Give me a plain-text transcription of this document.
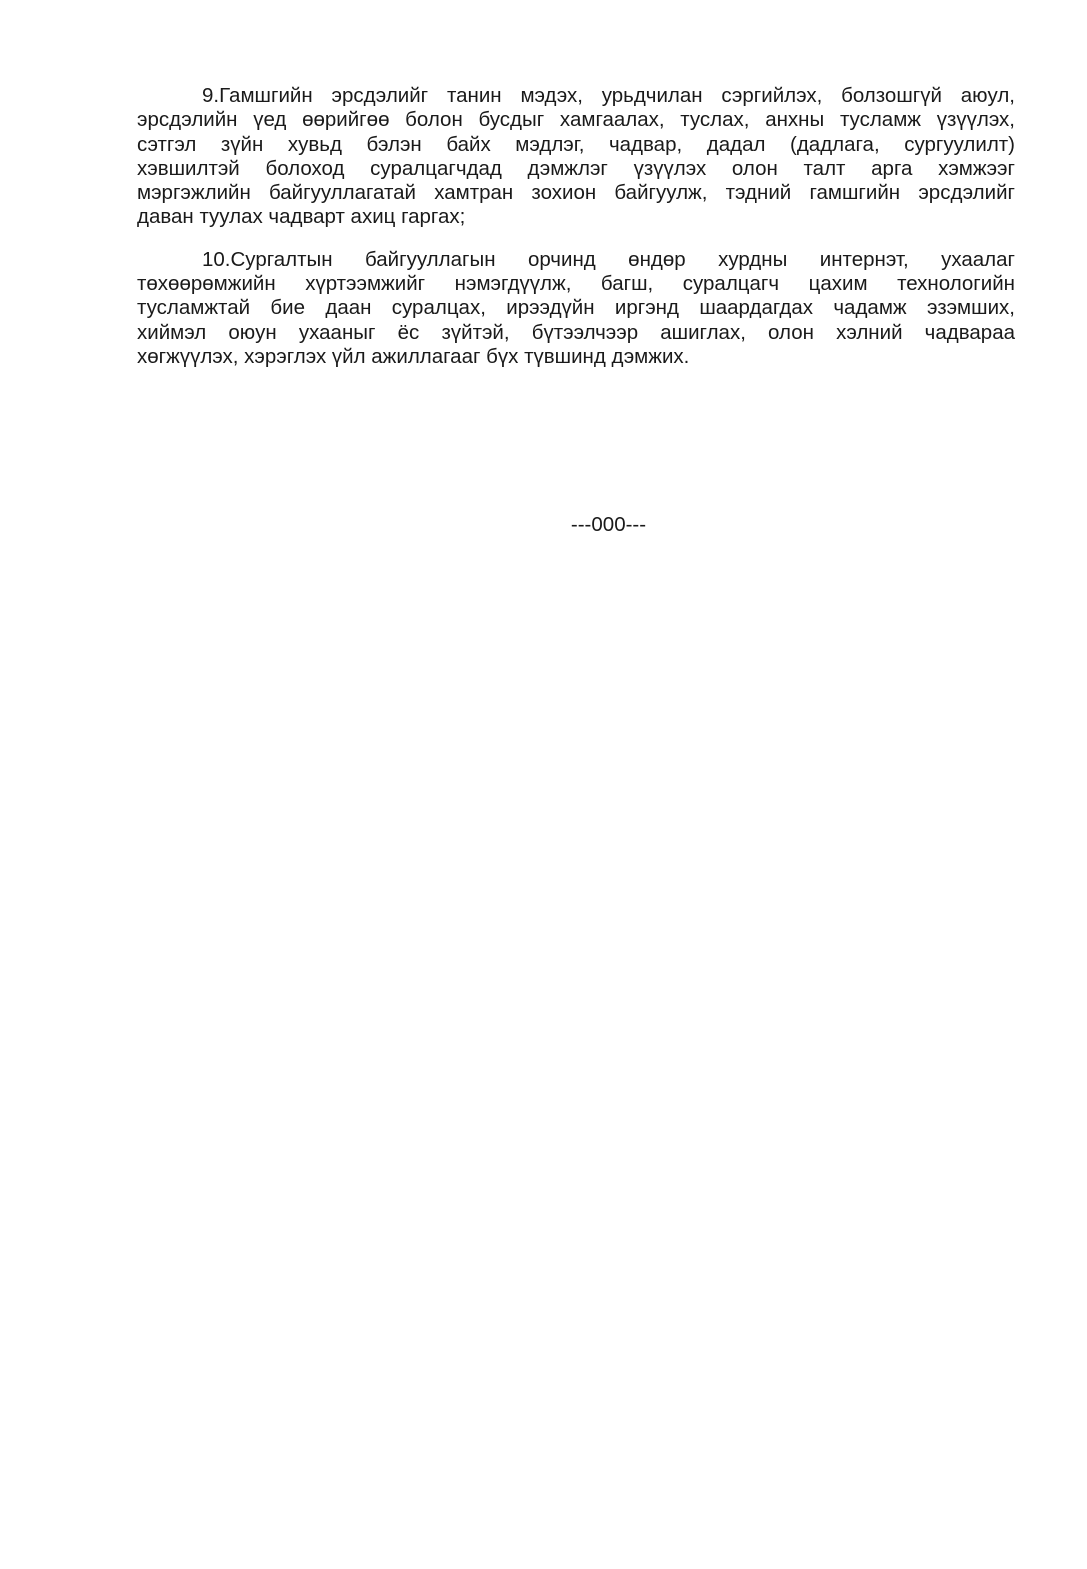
9.Гамшгийн эрсдэлийг танин мэдэх, урьдчилан сэргийлэх, болзошгүй аюул,
эрсдэлийн үед өөрийгөө болон бусдыг хамгаалах, туслах, анхны тусламж үзүүлэх,
сэтгэл зүйн хувьд бэлэн байх мэдлэг, чадвар, дадал (дадлага, сургуулилт)
хэвшилтэй болоход суралцагчдад дэмжлэг үзүүлэх олон талт арга хэмжээг
мэргэжлийн байгууллагатай хамтран зохион байгуулж, тэдний гамшгийн эрсдэлийг
даван туулах чадварт ахиц гаргах;

10.Сургалтын байгууллагын орчинд өндөр хурдны интернэт, ухаалаг
төхөөрөмжийн хүртээмжийг нэмэгдүүлж, багш, суралцагч цахим технологийн
тусламжтай бие даан суралцах, ирээдүйн иргэнд шаардагдах чадамж эзэмших,
хиймэл оюун ухааныг ёс зүйтэй, бүтээлчээр ашиглах, олон хэлний чадвараа
хөгжүүлэх, хэрэглэх үйл ажиллагааг бүх түвшинд дэмжих.

---000---
